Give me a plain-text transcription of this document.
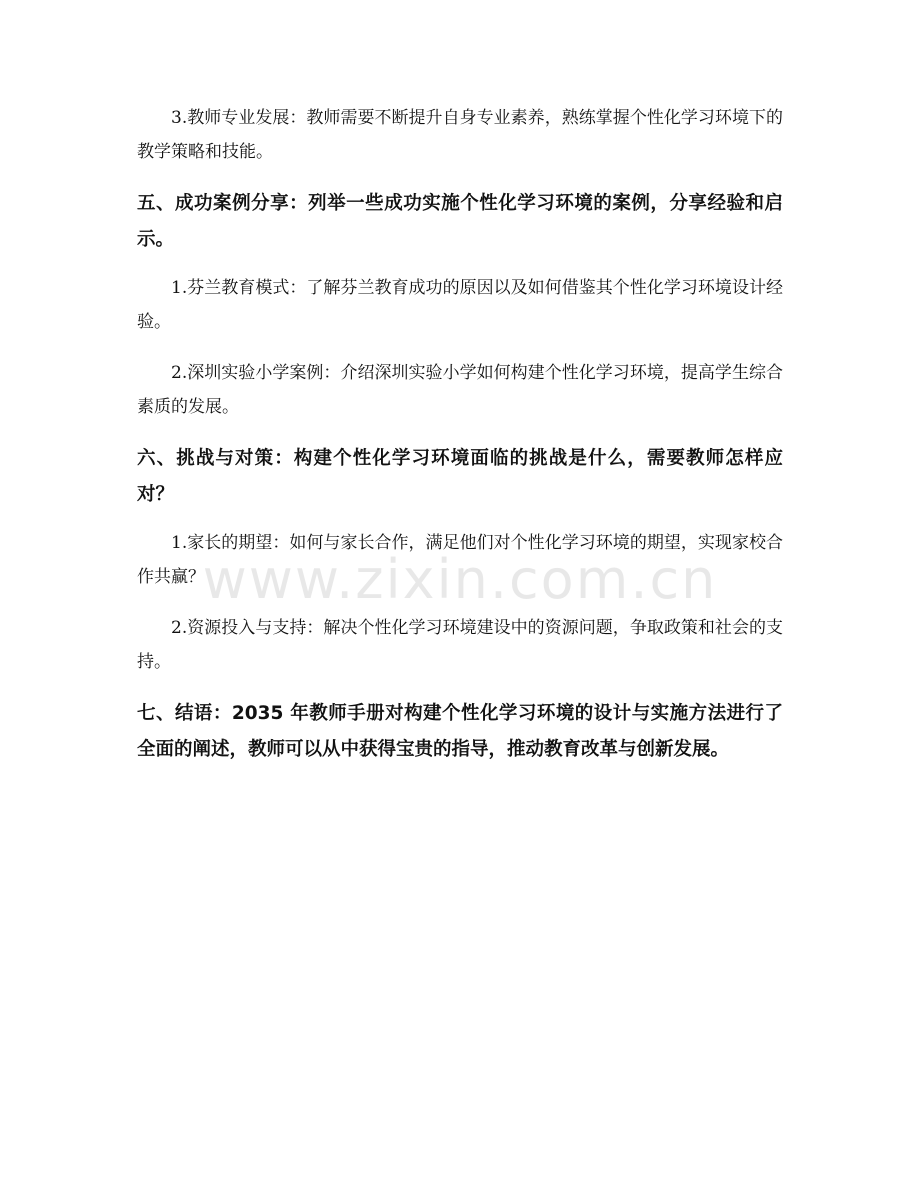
www.zixin.com.cn

3.教师专业发展：教师需要不断提升自身专业素养，熟练掌握个性化学习环境下的教学策略和技能。

五、成功案例分享：列举一些成功实施个性化学习环境的案例，分享经验和启示。

1.芬兰教育模式：了解芬兰教育成功的原因以及如何借鉴其个性化学习环境设计经验。

2.深圳实验小学案例：介绍深圳实验小学如何构建个性化学习环境，提高学生综合素质的发展。

六、挑战与对策：构建个性化学习环境面临的挑战是什么，需要教师怎样应对？

1.家长的期望：如何与家长合作，满足他们对个性化学习环境的期望，实现家校合作共赢？

2.资源投入与支持：解决个性化学习环境建设中的资源问题，争取政策和社会的支持。

七、结语：2035 年教师手册对构建个性化学习环境的设计与实施方法进行了全面的阐述，教师可以从中获得宝贵的指导，推动教育改革与创新发展。
